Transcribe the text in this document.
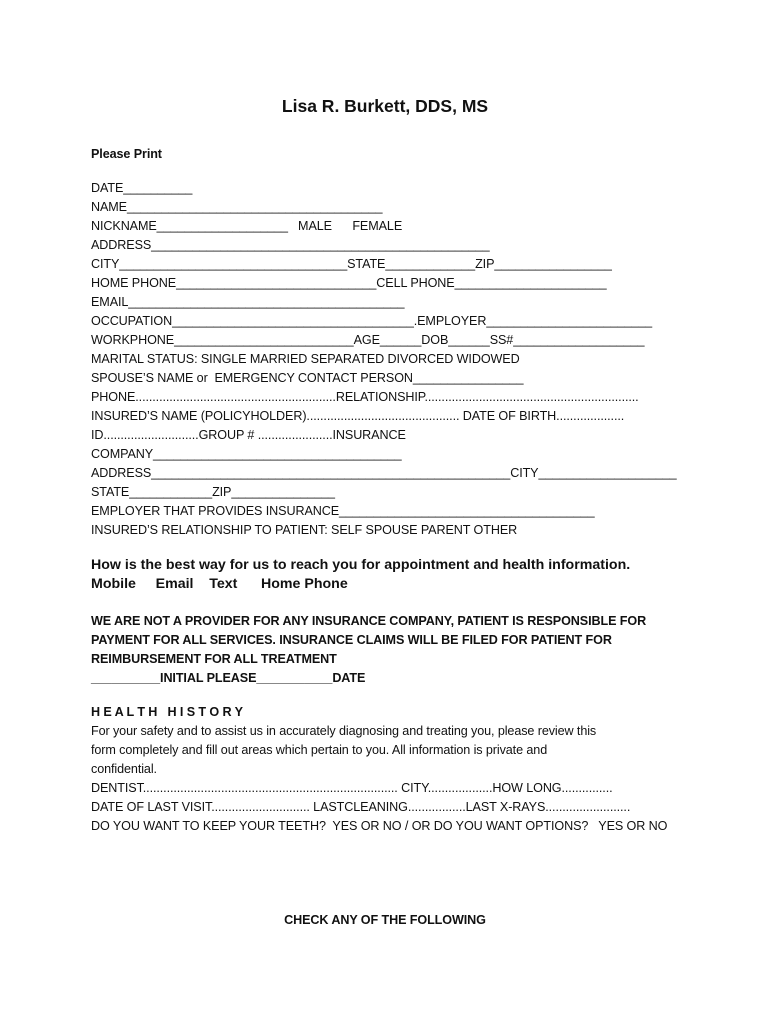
Lisa R. Burkett, DDS, MS
Please Print
DATE__________
NAME_____________________________________
NICKNAME___________________   MALE      FEMALE
ADDRESS_________________________________________________
CITY_________________________________STATE_____________ZIP_________________
HOME PHONE_____________________________CELL PHONE______________________
EMAIL________________________________________
OCCUPATION___________________________________.EMPLOYER________________________
WORKPHONE__________________________AGE______DOB______SS#___________________
MARITAL STATUS: SINGLE MARRIED SEPARATED DIVORCED WIDOWED
SPOUSE’S NAME or  EMERGENCY CONTACT PERSON________________
PHONE...........................................................RELATIONSHIP...............................................................
INSURED’S NAME (POLICYHOLDER)............................................. DATE OF BIRTH....................
ID............................GROUP # ......................INSURANCE
COMPANY____________________________________
ADDRESS____________________________________________________CITY____________________
STATE____________ZIP_______________
EMPLOYER THAT PROVIDES INSURANCE_____________________________________
INSURED’S RELATIONSHIP TO PATIENT: SELF SPOUSE PARENT OTHER
How is the best way for us to reach you for appointment and health information.
Mobile     Email    Text      Home Phone
WE ARE NOT A PROVIDER FOR ANY INSURANCE COMPANY, PATIENT IS RESPONSIBLE FOR
PAYMENT FOR ALL SERVICES. INSURANCE CLAIMS WILL BE FILED FOR PATIENT FOR
REIMBURSEMENT FOR ALL TREATMENT
__________INITIAL PLEASE___________DATE
H E A L T H   H I S T O R Y
For your safety and to assist us in accurately diagnosing and treating you, please review this
form completely and fill out areas which pertain to you. All information is private and
confidential.
DENTIST........................................................................... CITY...................HOW LONG...............
DATE OF LAST VISIT............................. LASTCLEANING.................LAST X-RAYS.........................
DO YOU WANT TO KEEP YOUR TEETH?  YES OR NO / OR DO YOU WANT OPTIONS?   YES OR NO
CHECK ANY OF THE FOLLOWING
